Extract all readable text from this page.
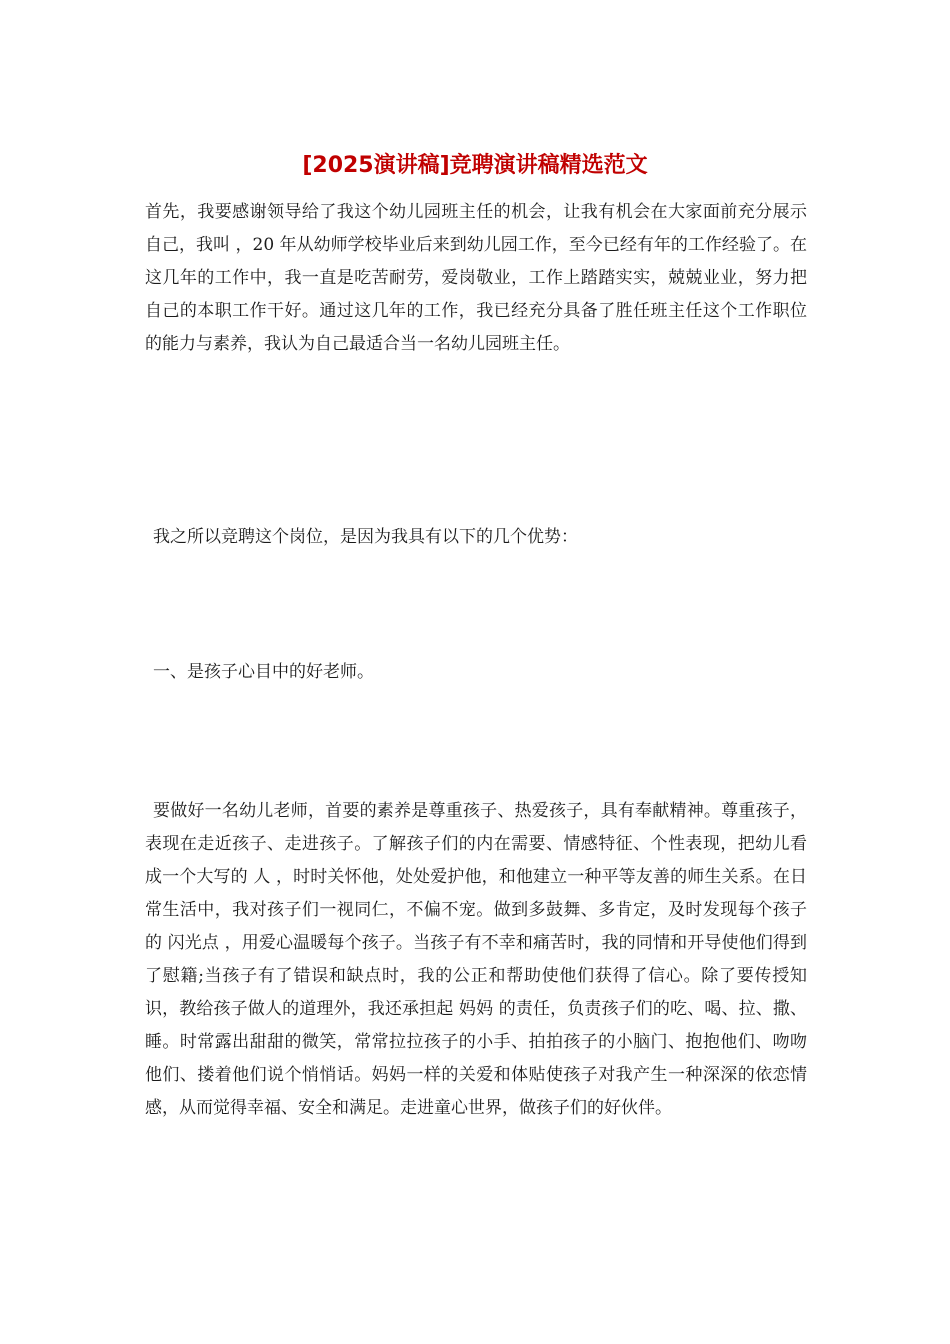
[2025演讲稿]竞聘演讲稿精选范文

首先，我要感谢领导给了我这个幼儿园班主任的机会，让我有机会在大家面前充分展示自己，我叫 ，20 年从幼师学校毕业后来到幼儿园工作，至今已经有年的工作经验了。在这几年的工作中，我一直是吃苦耐劳，爱岗敬业，工作上踏踏实实，兢兢业业，努力把自己的本职工作干好。通过这几年的工作，我已经充分具备了胜任班主任这个工作职位的能力与素养，我认为自己最适合当一名幼儿园班主任。

我之所以竞聘这个岗位，是因为我具有以下的几个优势：

一、是孩子心目中的好老师。

要做好一名幼儿老师，首要的素养是尊重孩子、热爱孩子，具有奉献精神。尊重孩子，表现在走近孩子、走进孩子。了解孩子们的内在需要、情感特征、个性表现，把幼儿看成一个大写的 人 ，时时关怀他，处处爱护他，和他建立一种平等友善的师生关系。在日常生活中，我对孩子们一视同仁，不偏不宠。做到多鼓舞、多肯定，及时发现每个孩子的 闪光点 ，用爱心温暖每个孩子。当孩子有不幸和痛苦时，我的同情和开导使他们得到了慰籍;当孩子有了错误和缺点时，我的公正和帮助使他们获得了信心。除了要传授知识，教给孩子做人的道理外，我还承担起 妈妈 的责任，负责孩子们的吃、喝、拉、撒、睡。时常露出甜甜的微笑，常常拉拉孩子的小手、拍拍孩子的小脑门、抱抱他们、吻吻他们、搂着他们说个悄悄话。妈妈一样的关爱和体贴使孩子对我产生一种深深的依恋情感，从而觉得幸福、安全和满足。走进童心世界，做孩子们的好伙伴。
